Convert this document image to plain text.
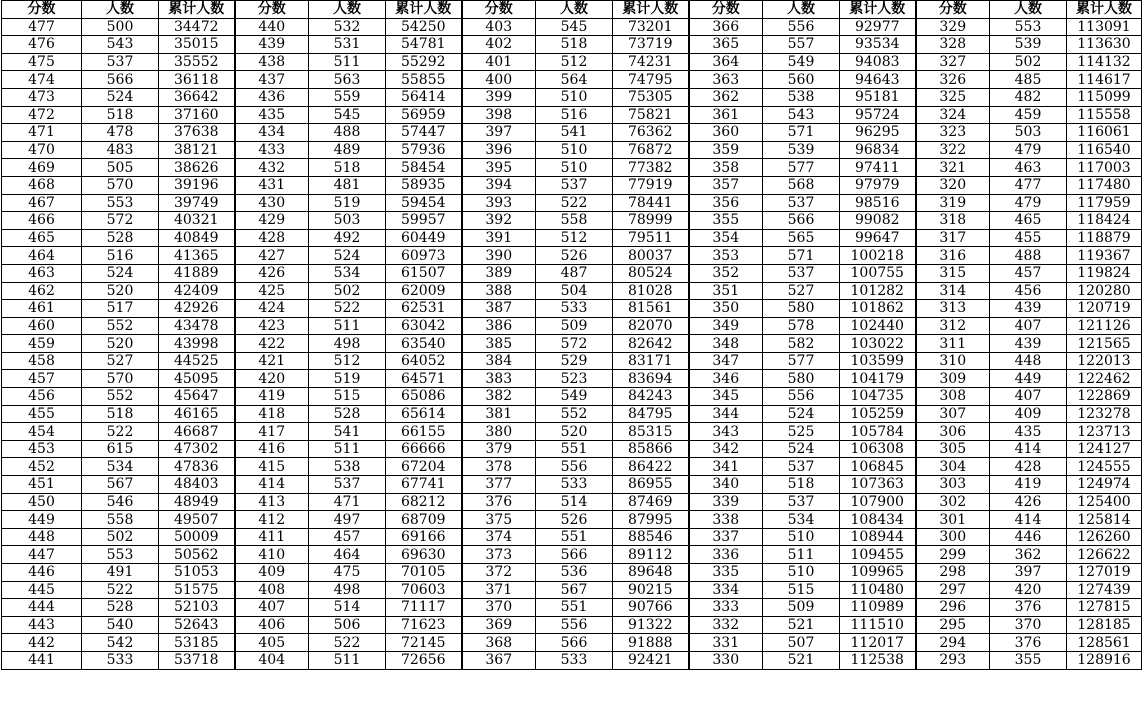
分数	人数	累计人数	分数	人数	累计人数	分数	人数	累计人数	分数	人数	累计人数	分数	人数	累计人数
477	500	34472	440	532	54250	403	545	73201	366	556	92977	329	553	113091
476	543	35015	439	531	54781	402	518	73719	365	557	93534	328	539	113630
475	537	35552	438	511	55292	401	512	74231	364	549	94083	327	502	114132
474	566	36118	437	563	55855	400	564	74795	363	560	94643	326	485	114617
473	524	36642	436	559	56414	399	510	75305	362	538	95181	325	482	115099
472	518	37160	435	545	56959	398	516	75821	361	543	95724	324	459	115558
471	478	37638	434	488	57447	397	541	76362	360	571	96295	323	503	116061
470	483	38121	433	489	57936	396	510	76872	359	539	96834	322	479	116540
469	505	38626	432	518	58454	395	510	77382	358	577	97411	321	463	117003
468	570	39196	431	481	58935	394	537	77919	357	568	97979	320	477	117480
467	553	39749	430	519	59454	393	522	78441	356	537	98516	319	479	117959
466	572	40321	429	503	59957	392	558	78999	355	566	99082	318	465	118424
465	528	40849	428	492	60449	391	512	79511	354	565	99647	317	455	118879
464	516	41365	427	524	60973	390	526	80037	353	571	100218	316	488	119367
463	524	41889	426	534	61507	389	487	80524	352	537	100755	315	457	119824
462	520	42409	425	502	62009	388	504	81028	351	527	101282	314	456	120280
461	517	42926	424	522	62531	387	533	81561	350	580	101862	313	439	120719
460	552	43478	423	511	63042	386	509	82070	349	578	102440	312	407	121126
459	520	43998	422	498	63540	385	572	82642	348	582	103022	311	439	121565
458	527	44525	421	512	64052	384	529	83171	347	577	103599	310	448	122013
457	570	45095	420	519	64571	383	523	83694	346	580	104179	309	449	122462
456	552	45647	419	515	65086	382	549	84243	345	556	104735	308	407	122869
455	518	46165	418	528	65614	381	552	84795	344	524	105259	307	409	123278
454	522	46687	417	541	66155	380	520	85315	343	525	105784	306	435	123713
453	615	47302	416	511	66666	379	551	85866	342	524	106308	305	414	124127
452	534	47836	415	538	67204	378	556	86422	341	537	106845	304	428	124555
451	567	48403	414	537	67741	377	533	86955	340	518	107363	303	419	124974
450	546	48949	413	471	68212	376	514	87469	339	537	107900	302	426	125400
449	558	49507	412	497	68709	375	526	87995	338	534	108434	301	414	125814
448	502	50009	411	457	69166	374	551	88546	337	510	108944	300	446	126260
447	553	50562	410	464	69630	373	566	89112	336	511	109455	299	362	126622
446	491	51053	409	475	70105	372	536	89648	335	510	109965	298	397	127019
445	522	51575	408	498	70603	371	567	90215	334	515	110480	297	420	127439
444	528	52103	407	514	71117	370	551	90766	333	509	110989	296	376	127815
443	540	52643	406	506	71623	369	556	91322	332	521	111510	295	370	128185
442	542	53185	405	522	72145	368	566	91888	331	507	112017	294	376	128561
441	533	53718	404	511	72656	367	533	92421	330	521	112538	293	355	128916
